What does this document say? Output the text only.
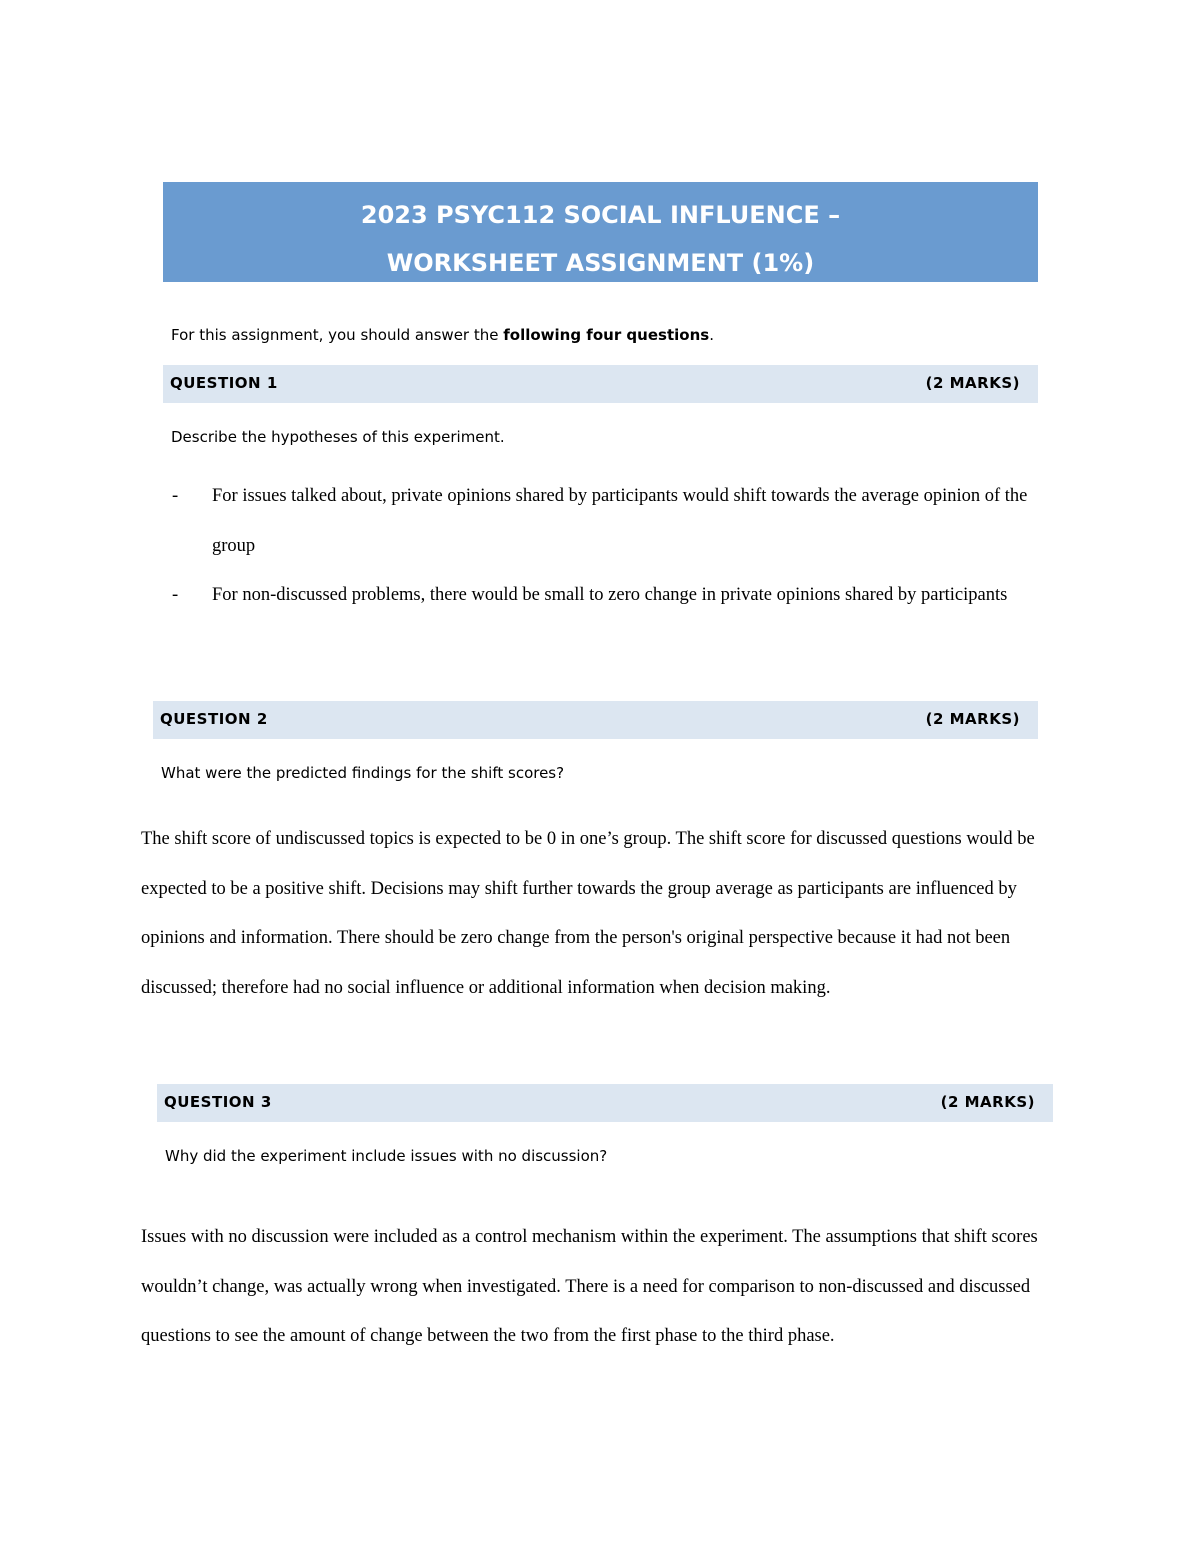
2023 PSYC112 SOCIAL INFLUENCE –
WORKSHEET ASSIGNMENT (1%)
For this assignment, you should answer the following four questions.
QUESTION 1	(2 MARKS)
Describe the hypotheses of this experiment.
- For issues talked about, private opinions shared by participants would shift towards the average opinion of the group
- For non-discussed problems, there would be small to zero change in private opinions shared by participants
QUESTION 2	(2 MARKS)
What were the predicted findings for the shift scores?

The shift score of undiscussed topics is expected to be 0 in one’s group. The shift score for discussed questions would be expected to be a positive shift. Decisions may shift further towards the group average as participants are influenced by opinions and information. There should be zero change from the person's original perspective because it had not been discussed; therefore had no social influence or additional information when decision making.

QUESTION 3	(2 MARKS)
Why did the experiment include issues with no discussion?

Issues with no discussion were included as a control mechanism within the experiment. The assumptions that shift scores wouldn’t change, was actually wrong when investigated. There is a need for comparison to non-discussed and discussed questions to see the amount of change between the two from the first phase to the third phase.
